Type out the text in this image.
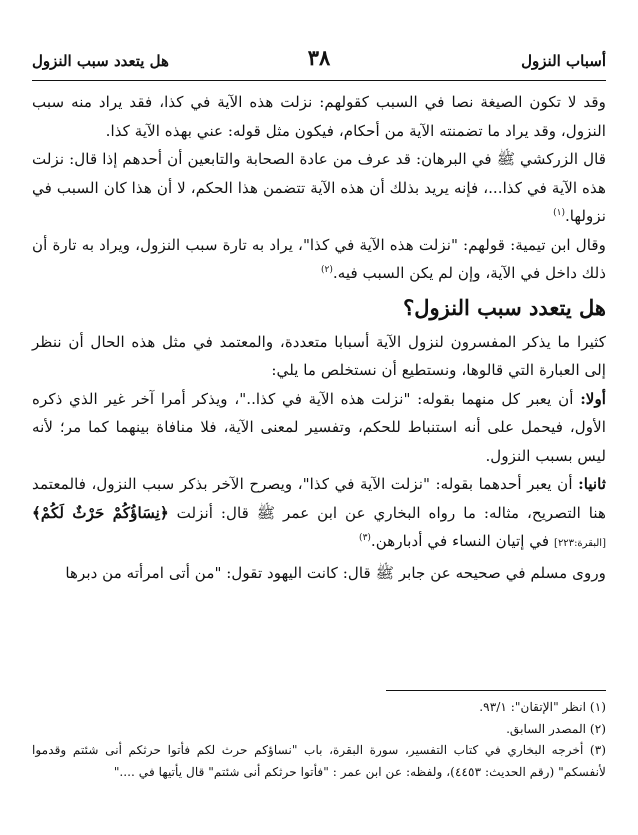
أسباب النزول
٣٨
هل يتعدد سبب النزول

وقد لا تكون الصيغة نصا في السبب كقولهم: نزلت هذه الآية في كذا، فقد يراد منه سبب النزول، وقد يراد ما تضمنته الآية من أحكام، فيكون مثل قوله: عني بهذه الآية كذا.

قال الزركشي ﷺ في البرهان: قد عرف من عادة الصحابة والتابعين أن أحدهم إذا قال: نزلت هذه الآية في كذا...، فإنه يريد بذلك أن هذه الآية تتضمن هذا الحكم، لا أن هذا كان السبب في نزولها.$^{(١)}$

وقال ابن تيمية: قولهم: "نزلت هذه الآية في كذا"، يراد به تارة سبب النزول، ويراد به تارة أن ذلك داخل في الآية، وإن لم يكن السبب فيه.$^{(٢)}$

هل يتعدد سبب النزول؟

كثيرا ما يذكر المفسرون لنزول الآية أسبابا متعددة، والمعتمد في مثل هذه الحال أن ننظر إلى العبارة التي قالوها، ونستطيع أن نستخلص ما يلي:

أولا: أن يعبر كل منهما بقوله: "نزلت هذه الآية في كذا.."، ويذكر أمرا آخر غير الذي ذكره الأول، فيحمل على أنه استنباط للحكم، وتفسير لمعنى الآية، فلا منافاة بينهما كما مر؛ لأنه ليس بسبب النزول.

ثانيا: أن يعبر أحدهما بقوله: "نزلت الآية في كذا"، ويصرح الآخر بذكر سبب النزول، فالمعتمد هنا التصريح، مثاله: ما رواه البخاري عن ابن عمر ﷺ قال: أنزلت ﴿نِسَاؤُكُمْ حَرْثٌ لَكُمْ﴾ [البقرة:٢٢٣] في إتيان النساء في أدبارهن.$^{(٣)}$

وروى مسلم في صحيحه عن جابر ﷺ قال: كانت اليهود تقول: "من أتى امرأته من دبرها

(١) انظر "الإتقان": ٩٣/١.

(٢) المصدر السابق.

(٣) أخرجه البخاري في كتاب التفسير، سورة البقرة، باب "نساؤكم حرث لكم فأتوا حرثكم أنى شئتم وقدموا لأنفسكم" (رقم الحديث: ٤٤٥٣)، ولفظه: عن ابن عمر : "فأتوا حرثكم أنى شئتم" قال يأتيها في ...."
